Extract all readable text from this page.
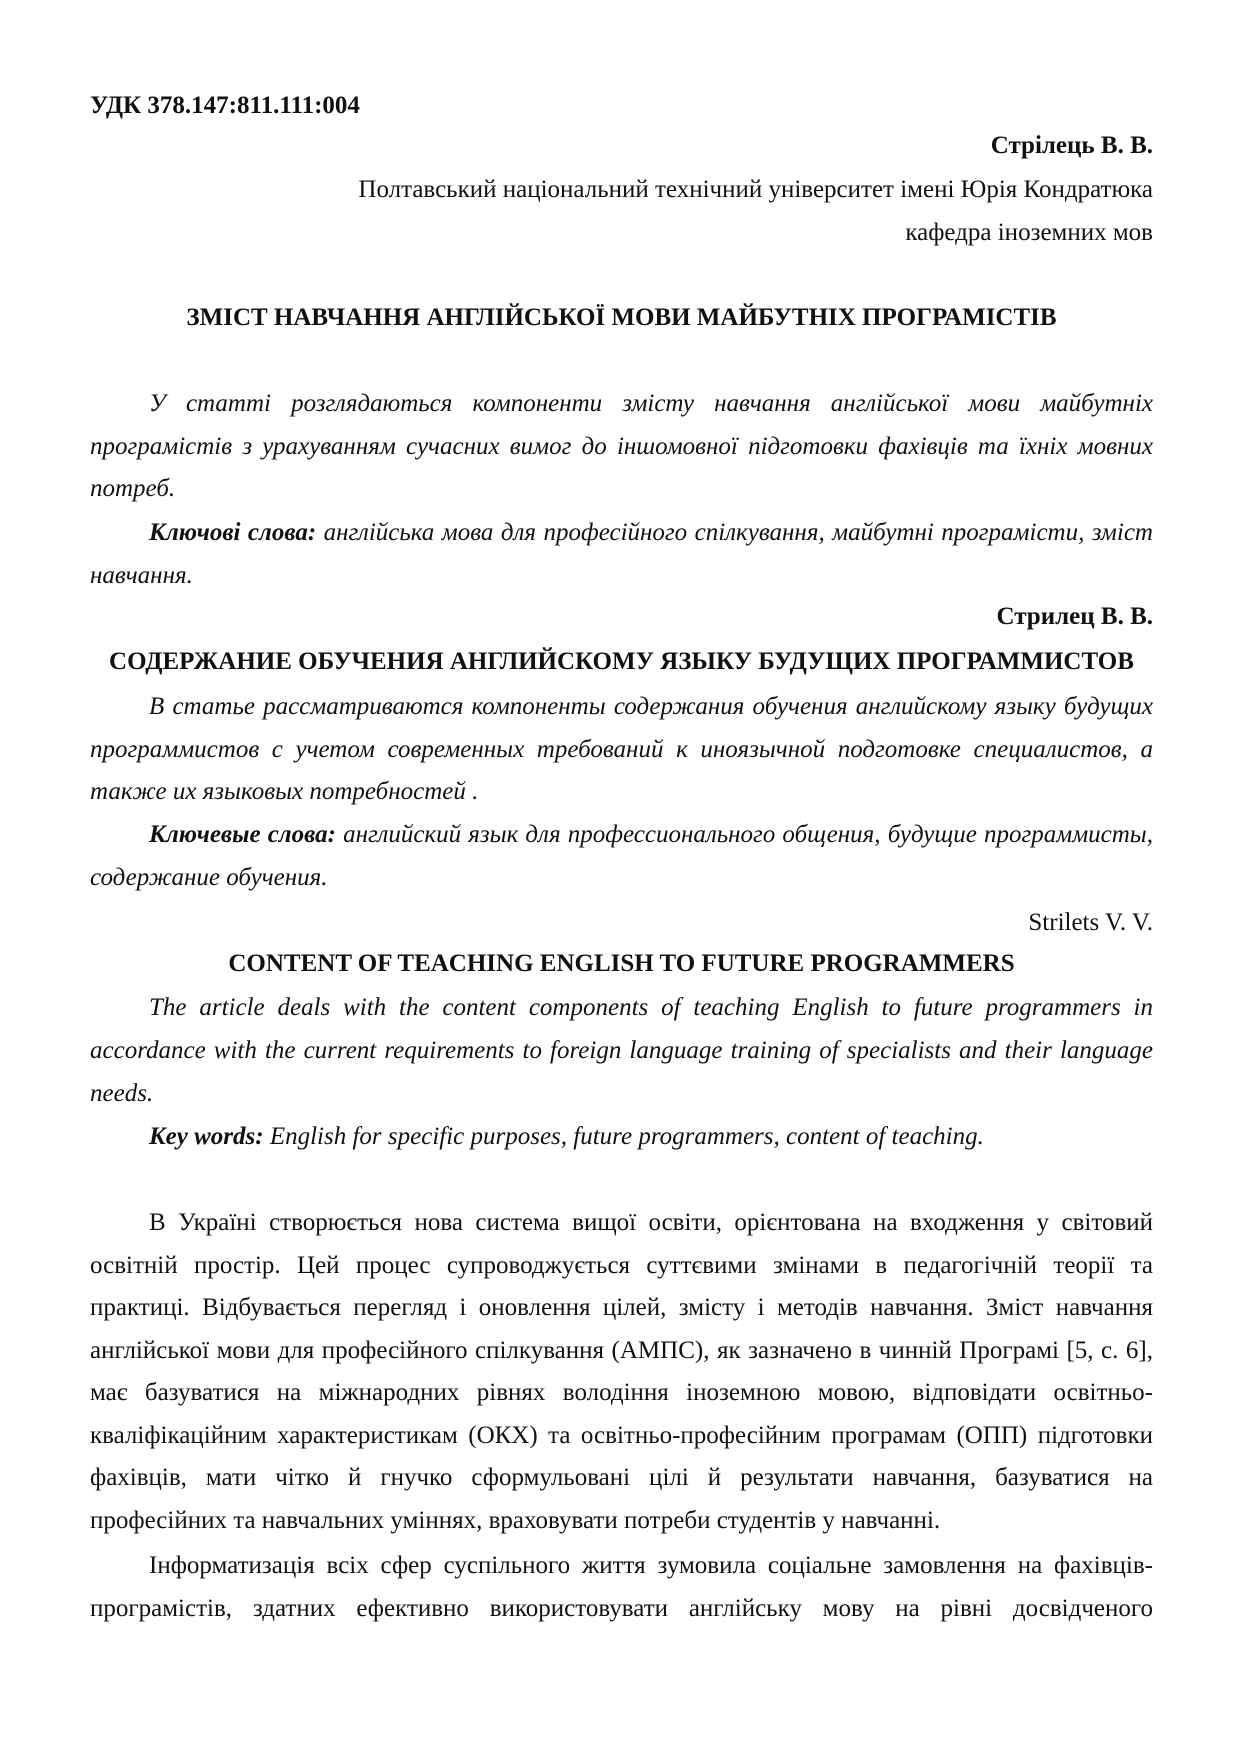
УДК 378.147:811.111:004
Стрілець В. В.
Полтавський національний технічний університет імені Юрія Кондратюка
кафедра іноземних мов
ЗМІСТ НАВЧАННЯ АНГЛІЙСЬКОЇ МОВИ МАЙБУТНІХ ПРОГРАМІСТІВ
У статті розглядаються компоненти змісту навчання англійської мови майбутніх
програмістів з урахуванням сучасних вимог до іншомовної підготовки фахівців та їхніх мовних
потреб.
Ключові слова: англійська мова для професійного спілкування, майбутні програмісти, зміст
навчання.
Стрилец В. В.
СОДЕРЖАНИЕ ОБУЧЕНИЯ АНГЛИЙСКОМУ ЯЗЫКУ БУДУЩИХ ПРОГРАММИСТОВ
В статье рассматриваются компоненты содержания обучения английскому языку будущих
программистов с учетом современных требований к иноязычной подготовке специалистов, а
также их языковых потребностей .
Ключевые слова: английский язык для профессионального общения, будущие программисты,
содержание обучения.
Strilets V. V.
CONTENT OF TEACHING ENGLISH TO FUTURE PROGRAMMERS
The article deals with the content components of teaching English to future programmers in
accordance with the current requirements to foreign language training of specialists and their language
needs.
Key words: English for specific purposes, future programmers, content of teaching.
В Україні створюється нова система вищої освіти, орієнтована на входження у світовий
освітній простір. Цей процес супроводжується суттєвими змінами в педагогічній теорії та
практиці. Відбувається перегляд і оновлення цілей, змісту і методів навчання. Зміст навчання
англійської мови для професійного спілкування (АМПС), як зазначено в чинній Програмі [5, с. 6],
має базуватися на міжнародних рівнях володіння іноземною мовою, відповідати освітньо-
кваліфікаційним характеристикам (ОКХ) та освітньо-професійним програмам (ОПП) підготовки
фахівців, мати чітко й гнучко сформульовані цілі й результати навчання, базуватися на
професійних та навчальних уміннях, враховувати потреби студентів у навчанні.
Інформатизація всіх сфер суспільного життя зумовила соціальне замовлення на фахівців-
програмістів, здатних ефективно використовувати англійську мову на рівні досвідченого
